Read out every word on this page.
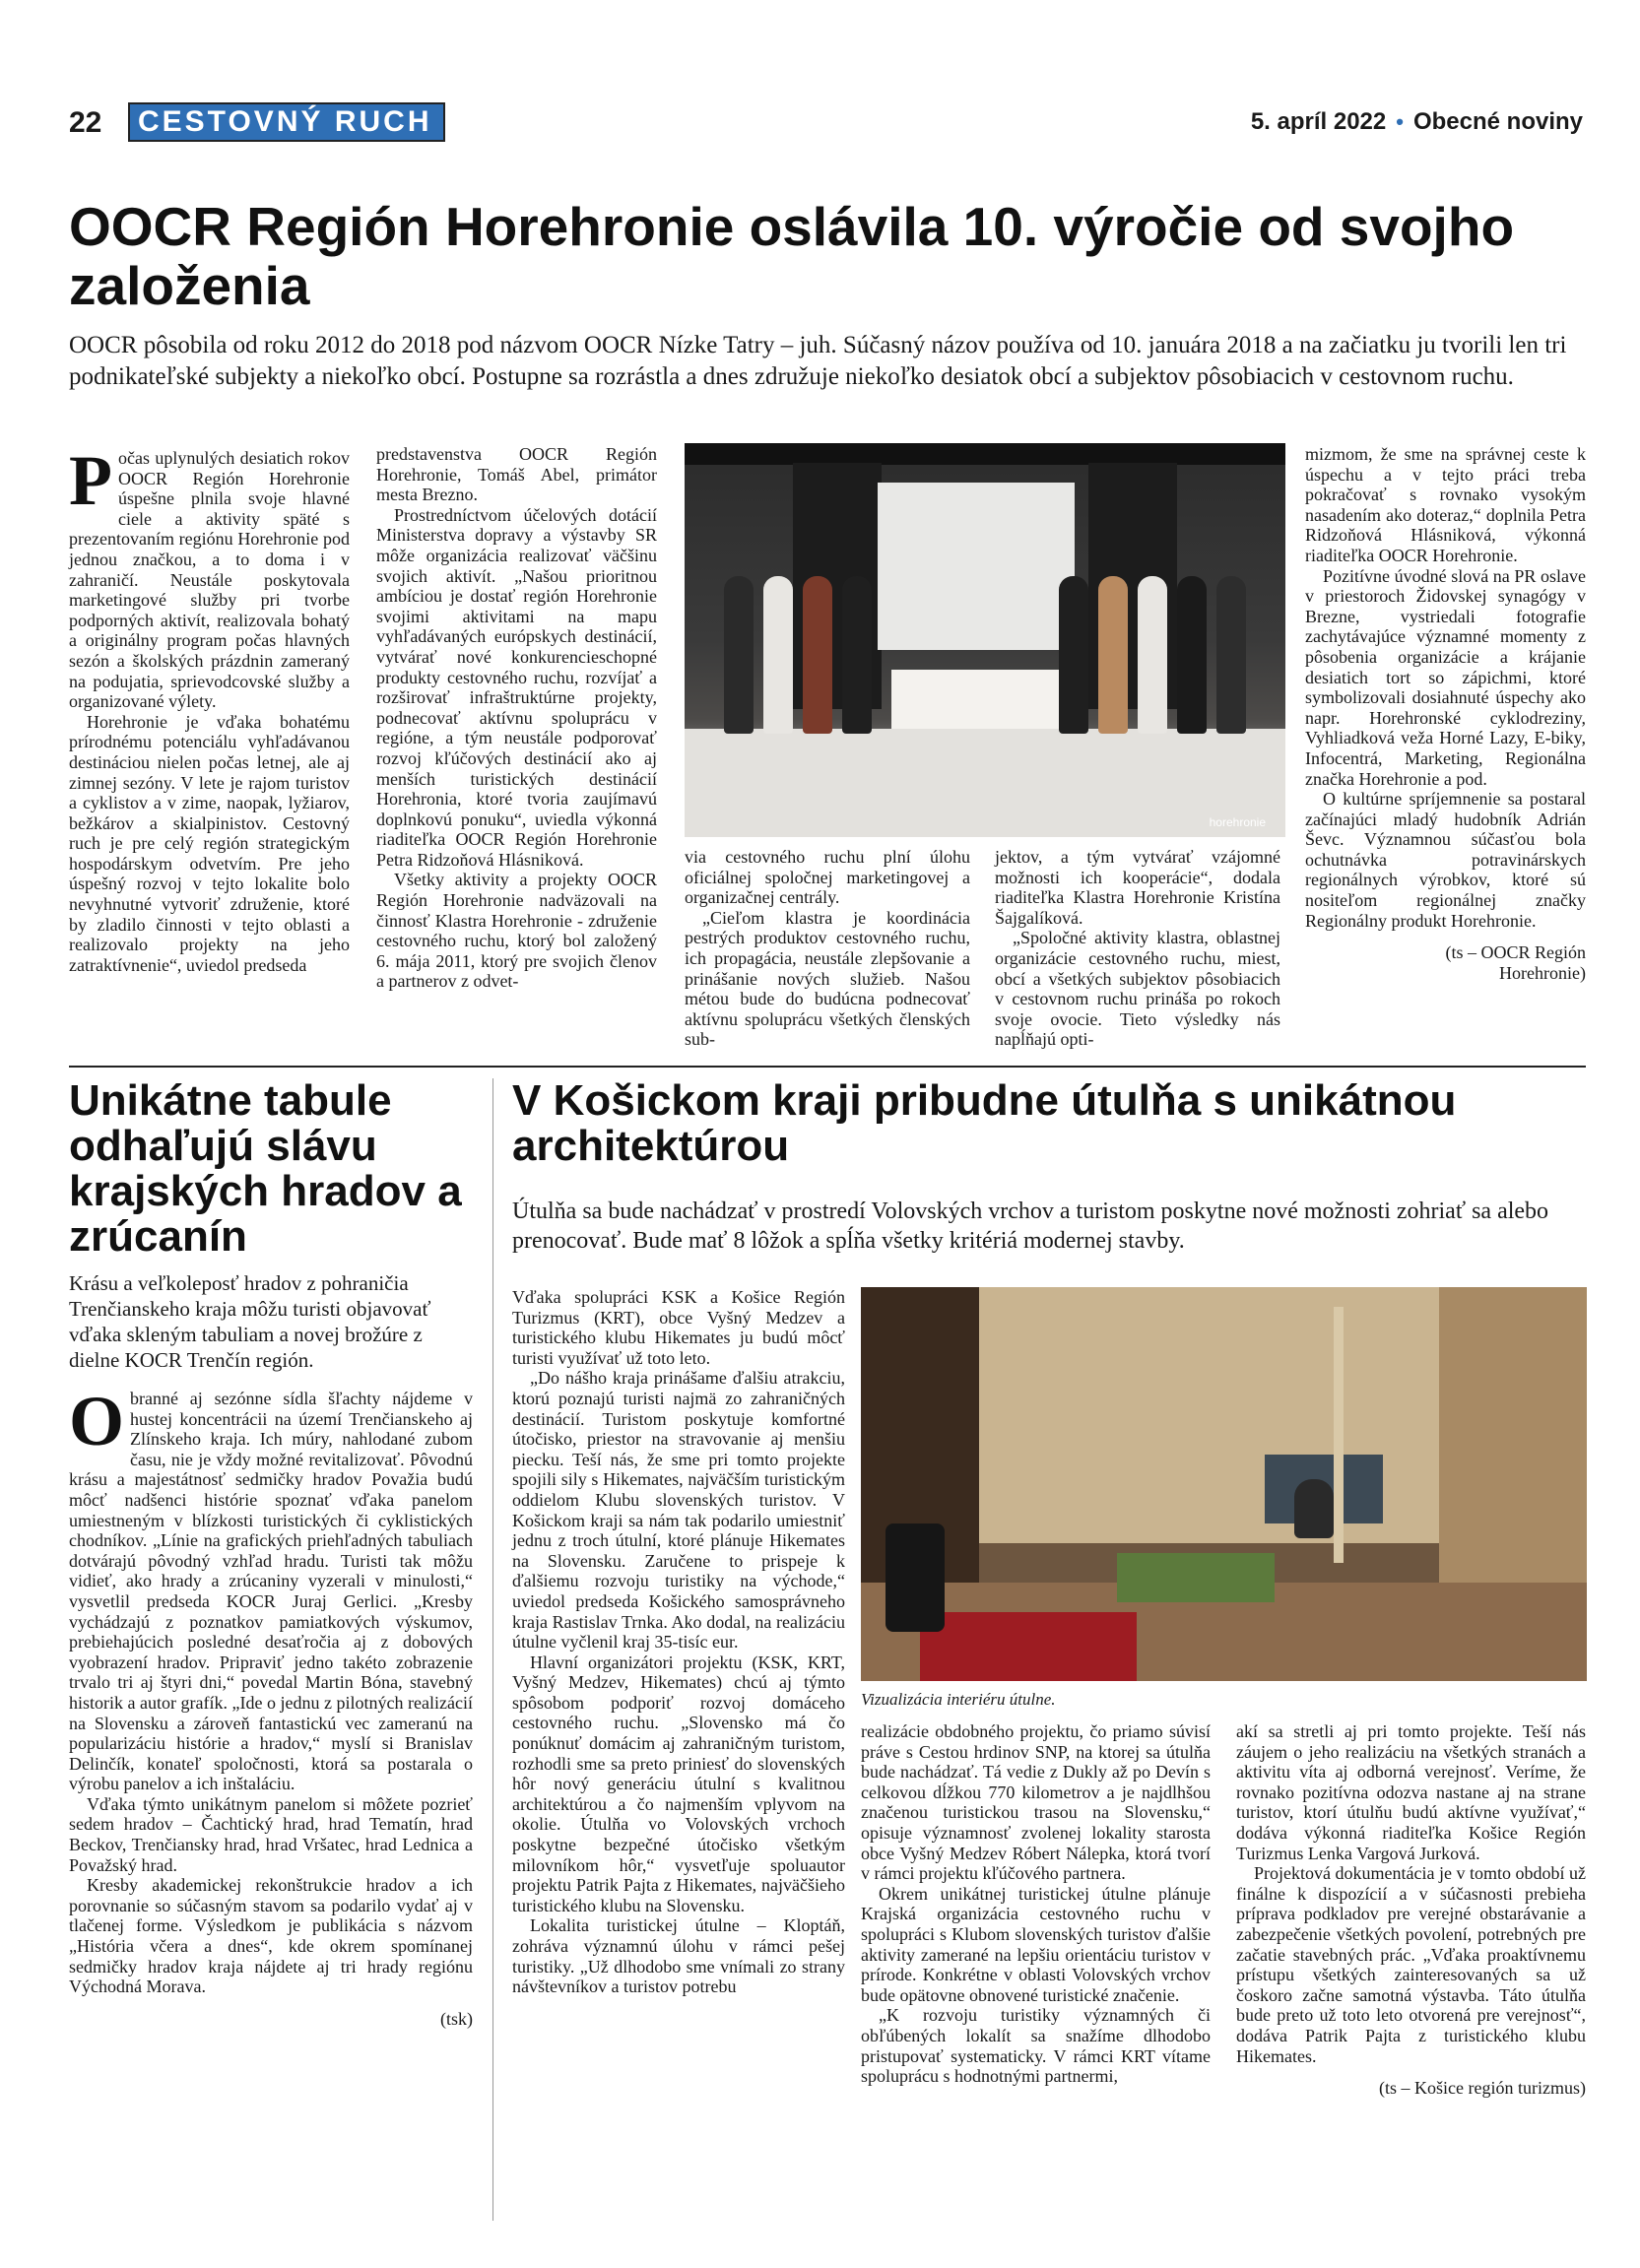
22	CESTOVNÝ RUCH	5. apríl 2022 • Obecné noviny
OOCR Región Horehronie oslávila 10. výročie od svojho založenia
OOCR pôsobila od roku 2012 do 2018 pod názvom OOCR Nízke Tatry – juh. Súčasný názov používa od 10. januára 2018 a na začiatku ju tvorili len tri podnikateľské subjekty a niekoľko obcí. Postupne sa rozrástla a dnes združuje niekoľko desiatok obcí a subjektov pôsobiacich v cestovnom ruchu.

Počas uplynulých desiatich rokov OOCR Región Horehronie úspešne plnila svoje hlavné ciele a aktivity späté s prezentovaním regiónu Horehronie pod jednou značkou, a to doma i v zahraničí. Neustále poskytovala marketingové služby pri tvorbe podporných aktivít, realizovala bohatý a originálny program počas hlavných sezón a školských prázdnin zameraný na podujatia, sprievodcovské služby a organizované výlety.

Horehronie je vďaka bohatému prírodnému potenciálu vyhľadávanou destináciou nielen počas letnej, ale aj zimnej sezóny. V lete je rajom turistov a cyklistov a v zime, naopak, lyžiarov, bežkárov a skialpinistov. Cestovný ruch je pre celý región strategickým hospodárskym odvetvím. Pre jeho úspešný rozvoj v tejto lokalite bolo nevyhnutné vytvoriť združenie, ktoré by zladilo činnosti v tejto oblasti a realizovalo projekty na jeho zatraktívnenie“, uviedol predseda

predstavenstva OOCR Región Horehronie, Tomáš Abel, primátor mesta Brezno.

Prostredníctvom účelových dotácií Ministerstva dopravy a výstavby SR môže organizácia realizovať väčšinu svojich aktivít. „Našou prioritnou ambíciou je dostať región Horehronie svojimi aktivitami na mapu vyhľadávaných európskych destinácií, vytvárať nové konkurencieschopné produkty cestovného ruchu, rozvíjať a rozširovať infraštruktúrne projekty, podnecovať aktívnu spoluprácu v regióne, a tým neustále podporovať rozvoj kľúčových destinácií ako aj menších turistických destinácií Horehronia, ktoré tvoria zaujímavú doplnkovú ponuku“, uviedla výkonná riaditeľka OOCR Región Horehronie Petra Ridzoňová Hlásniková.

Všetky aktivity a projekty OOCR Región Horehronie nadväzovali na činnosť Klastra Horehronie - združenie cestovného ruchu, ktorý bol založený 6. mája 2011, ktorý pre svojich členov a partnerov z odvet-

horehronie

via cestovného ruchu plní úlohu oficiálnej spoločnej marketingovej a organizačnej centrály.

„Cieľom klastra je koordinácia pestrých produktov cestovného ruchu, ich propagácia, neustále zlepšovanie a prinášanie nových služieb. Našou métou bude do budúcna podnecovať aktívnu spoluprácu všetkých členských sub-

jektov, a tým vytvárať vzájomné možnosti ich kooperácie“, dodala riaditeľka Klastra Horehronie Kristína Šajgalíková.

„Spoločné aktivity klastra, oblastnej organizácie cestovného ruchu, miest, obcí a všetkých subjektov pôsobiacich v cestovnom ruchu prináša po rokoch svoje ovocie. Tieto výsledky nás napĺňajú opti-

mizmom, že sme na správnej ceste k úspechu a v tejto práci treba pokračovať s rovnako vysokým nasadením ako doteraz,“ doplnila Petra Ridzoňová Hlásniková, výkonná riaditeľka OOCR Horehronie.

Pozitívne úvodné slová na PR oslave v priestoroch Židovskej synagógy v Brezne, vystriedali fotografie zachytávajúce významné momenty z pôsobenia organizácie a krájanie desiatich tort so zápichmi, ktoré symbolizovali dosiahnuté úspechy ako napr. Horehronské cyklodreziny, Vyhliadková veža Horné Lazy, E-biky, Infocentrá, Marketing, Regionálna značka Horehronie a pod.

O kultúrne spríjemnenie sa postaral začínajúci mladý hudobník Adrián Ševc. Významnou súčasťou bola ochutnávka potravinárskych regionálnych výrobkov, ktoré sú nositeľom regionálnej značky Regionálny produkt Horehronie.

(ts – OOCR Región Horehronie)

Unikátne tabule odhaľujú slávu krajských hradov a zrúcanín
Krásu a veľkoleposť hradov z pohraničia Trenčianskeho kraja môžu turisti objavovať vďaka skleným tabuliam a novej brožúre z dielne KOCR Trenčín región.

Obranné aj sezónne sídla šľachty nájdeme v hustej koncentrácii na území Trenčianskeho aj Zlínskeho kraja. Ich múry, nahlodané zubom času, nie je vždy možné revitalizovať. Pôvodnú krásu a majestátnosť sedmičky hradov Považia budú môcť nadšenci histórie spoznať vďaka panelom umiestneným v blízkosti turistických či cyklistických chodníkov. „Línie na grafických priehľadných tabuliach dotvárajú pôvodný vzhľad hradu. Turisti tak môžu vidieť, ako hrady a zrúcaniny vyzerali v minulosti,“ vysvetlil predseda KOCR Juraj Gerlici. „Kresby vychádzajú z poznatkov pamiatkových výskumov, prebiehajúcich posledné desaťročia aj z dobových vyobrazení hradov. Pripraviť jedno takéto zobrazenie trvalo tri aj štyri dni,“ povedal Martin Bóna, stavebný historik a autor grafík. „Ide o jednu z pilotných realizácií na Slovensku a zároveň fantastickú vec zameranú na popularizáciu histórie a hradov,“ myslí si Branislav Delinčík, konateľ spoločnosti, ktorá sa postarala o výrobu panelov a ich inštaláciu.

Vďaka týmto unikátnym panelom si môžete pozrieť sedem hradov – Čachtický hrad, hrad Tematín, hrad Beckov, Trenčiansky hrad, hrad Vršatec, hrad Lednica a Považský hrad.

Kresby akademickej rekonštrukcie hradov a ich porovnanie so súčasným stavom sa podarilo vydať aj v tlačenej forme. Výsledkom je publikácia s názvom „História včera a dnes“, kde okrem spomínanej sedmičky hradov kraja nájdete aj tri hrady regiónu Východná Morava.

(tsk)

V Košickom kraji pribudne útulňa s unikátnou architektúrou
Útulňa sa bude nachádzať v prostredí Volovských vrchov a turistom poskytne nové možnosti zohriať sa alebo prenocovať. Bude mať 8 lôžok a spĺňa všetky kritériá modernej stavby.

Vďaka spolupráci KSK a Košice Región Turizmus (KRT), obce Vyšný Medzev a turistického klubu Hikemates ju budú môcť turisti využívať už toto leto.

„Do nášho kraja prinášame ďalšiu atrakciu, ktorú poznajú turisti najmä zo zahraničných destinácií. Turistom poskytuje komfortné útočisko, priestor na stravovanie aj menšiu piecku. Teší nás, že sme pri tomto projekte spojili sily s Hikemates, najväčším turistickým oddielom Klubu slovenských turistov. V Košickom kraji sa nám tak podarilo umiestniť jednu z troch útulní, ktoré plánuje Hikemates na Slovensku. Zaručene to prispeje k ďalšiemu rozvoju turistiky na východe,“ uviedol predseda Košického samosprávneho kraja Rastislav Trnka. Ako dodal, na realizáciu útulne vyčlenil kraj 35-tisíc eur.

Hlavní organizátori projektu (KSK, KRT, Vyšný Medzev, Hikemates) chcú aj týmto spôsobom podporiť rozvoj domáceho cestovného ruchu. „Slovensko má čo ponúknuť domácim aj zahraničným turistom, rozhodli sme sa preto priniesť do slovenských hôr nový generáciu útulní s kvalitnou architektúrou a čo najmenším vplyvom na okolie. Útulňa vo Volovských vrchoch poskytne bezpečné útočisko všetkým milovníkom hôr,“ vysvetľuje spoluautor projektu Patrik Pajta z Hikemates, najväčšieho turistického klubu na Slovensku.

Lokalita turistickej útulne – Kloptáň, zohráva významnú úlohu v rámci pešej turistiky. „Už dlhodobo sme vnímali zo strany návštevníkov a turistov potrebu

Vizualizácia interiéru útulne.

realizácie obdobného projektu, čo priamo súvisí práve s Cestou hrdinov SNP, na ktorej sa útulňa bude nachádzať. Tá vedie z Dukly až po Devín s celkovou dĺžkou 770 kilometrov a je najdlhšou značenou turistickou trasou na Slovensku,“ opisuje významnosť zvolenej lokality starosta obce Vyšný Medzev Róbert Nálepka, ktorá tvorí v rámci projektu kľúčového partnera.

Okrem unikátnej turistickej útulne plánuje Krajská organizácia cestovného ruchu v spolupráci s Klubom slovenských turistov ďalšie aktivity zamerané na lepšiu orientáciu turistov v prírode. Konkrétne v oblasti Volovských vrchov bude opätovne obnovené turistické značenie.

„K rozvoju turistiky významných či obľúbených lokalít sa snažíme dlhodobo pristupovať systematicky. V rámci KRT vítame spoluprácu s hodnotnými partnermi,

akí sa stretli aj pri tomto projekte. Teší nás záujem o jeho realizáciu na všetkých stranách a aktivitu víta aj odborná verejnosť. Veríme, že rovnako pozitívna odozva nastane aj na strane turistov, ktorí útulňu budú aktívne využívať,“ dodáva výkonná riaditeľka Košice Región Turizmus Lenka Vargová Jurková.

Projektová dokumentácia je v tomto období už finálne k dispozícií a v súčasnosti prebieha príprava podkladov pre verejné obstarávanie a zabezpečenie všetkých povolení, potrebných pre začatie stavebných prác. „Vďaka proaktívnemu prístupu všetkých zainteresovaných sa už čoskoro začne samotná výstavba. Táto útulňa bude preto už toto leto otvorená pre verejnosť“, dodáva Patrik Pajta z turistického klubu Hikemates.

(ts – Košice región turizmus)
